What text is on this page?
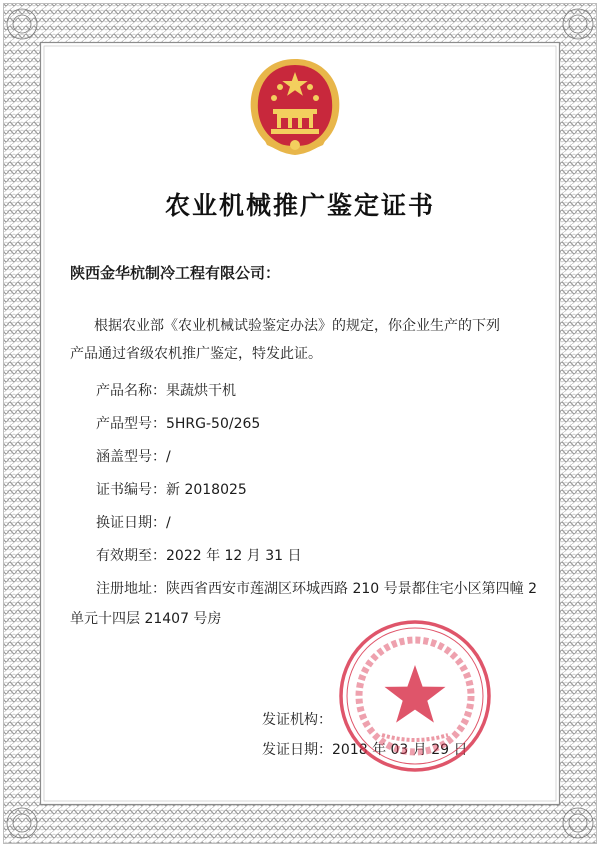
农业机械推广鉴定证书
陕西金华杭制冷工程有限公司：
根据农业部《农业机械试验鉴定办法》的规定，你企业生产的下列
产品通过省级农机推广鉴定，特发此证。
产品名称：果蔬烘干机
产品型号：5HRG-50/265
涵盖型号：/
证书编号：新 2018025
换证日期：/
有效期至：2022 年 12 月 31 日
注册地址：陕西省西安市莲湖区环城西路 210 号景都住宅小区第四幢 2
单元十四层 21407 号房
发证机构：
发证日期：2018 年 03 月 29 日
